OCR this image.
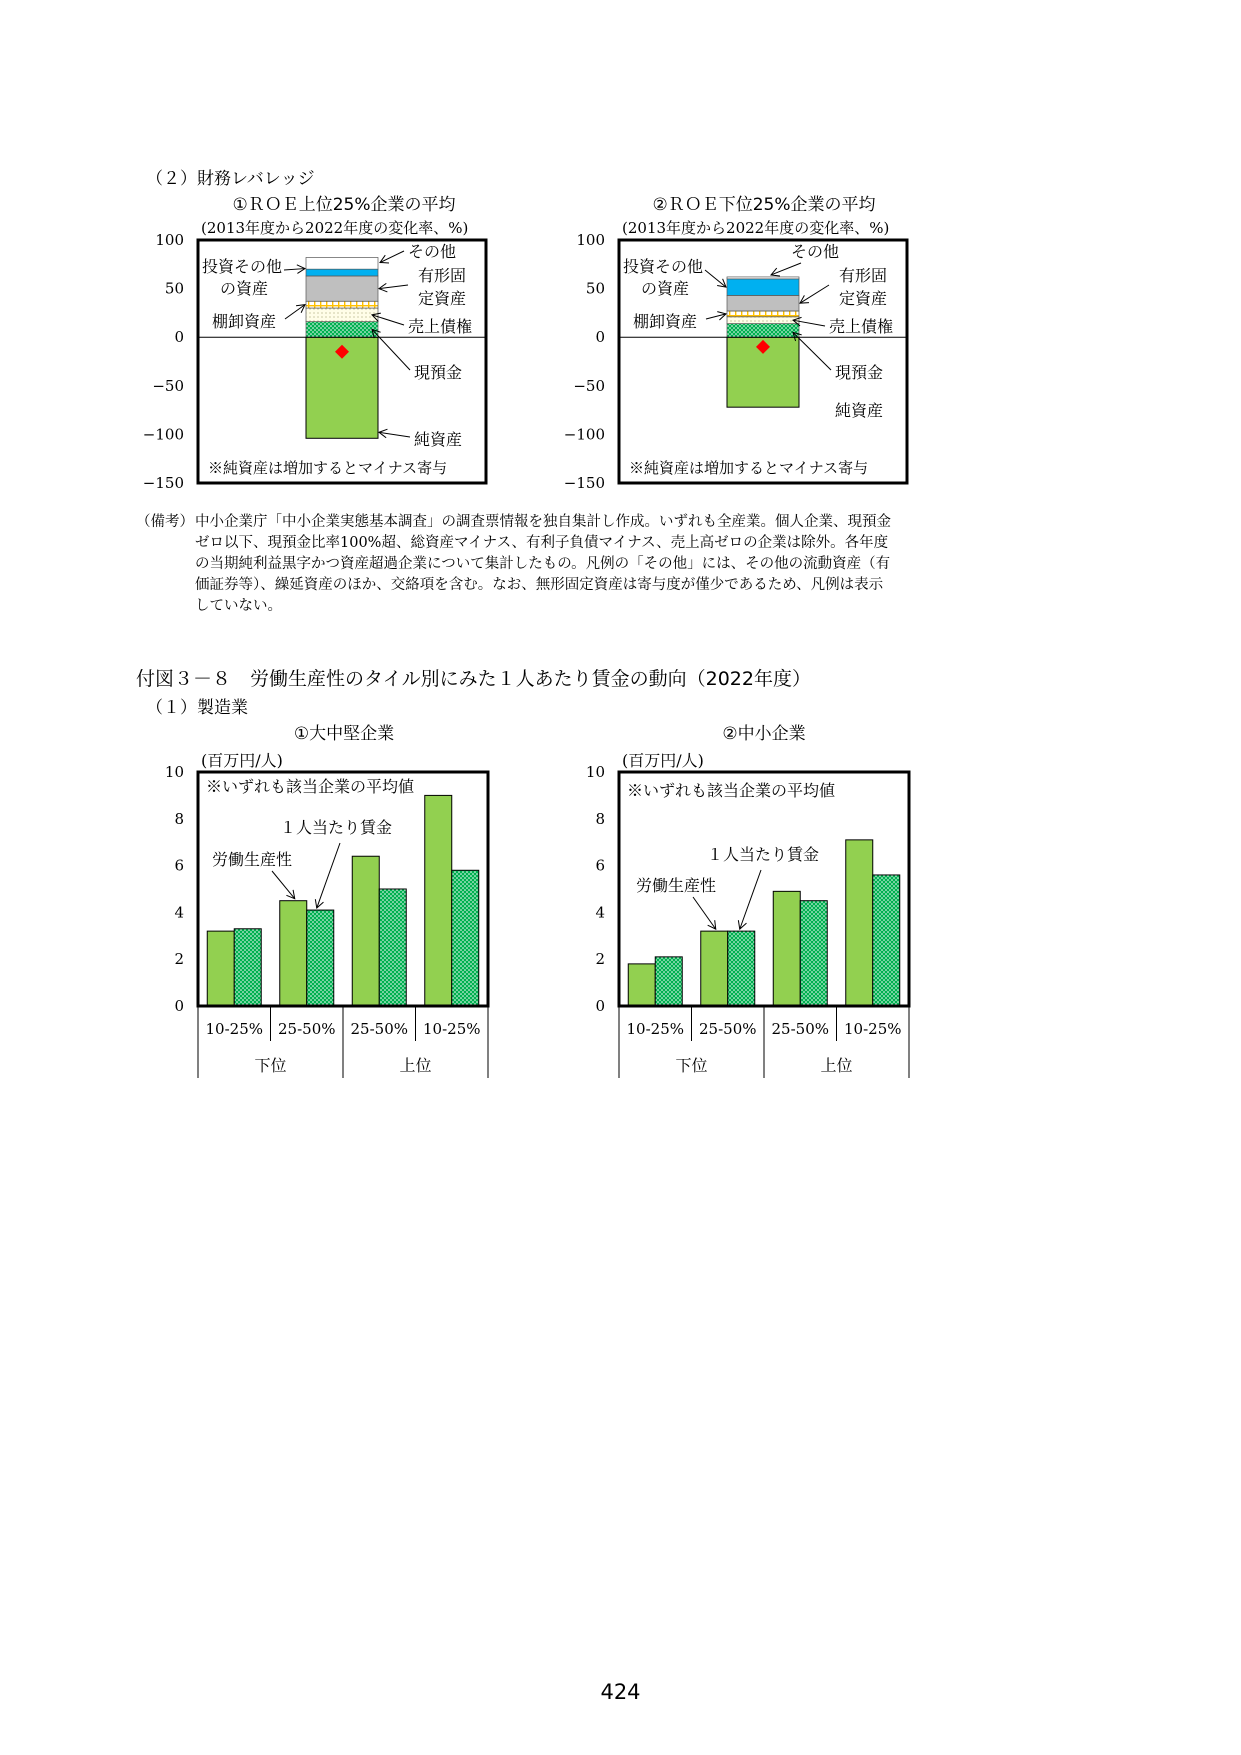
（２）財務レバレッジ
①ＲＯＥ上位25%企業の平均	②ＲＯＥ下位25%企業の平均
(2013年度から2022年度の変化率、%)
100
50
0
−50
−100
−150
その他
投資その他
の資産
有形固
定資産
棚卸資産	売上債権
現預金
純資産
※純資産は増加するとマイナス寄与
(2013年度から2022年度の変化率、%)
100
50
0
−50
−100
−150
その他
投資その他
の資産
有形固
定資産
棚卸資産	売上債権
現預金
純資産
※純資産は増加するとマイナス寄与
（備考） 中小企業庁「中小企業実態基本調査」の調査票情報を独自集計し作成。いずれも全産業。個人企業、現預金
ゼロ以下、現預金比率100%超、総資産マイナス、有利子負債マイナス、売上高ゼロの企業は除外。各年度
の当期純利益黒字かつ資産超過企業について集計したもの。凡例の「その他」には、その他の流動資産（有
価証券等）、繰延資産のほか、交絡項を含む。なお、無形固定資産は寄与度が僅少であるため、凡例は表示
していない。
付図３－８　労働生産性のタイル別にみた１人あたり賃金の動向（2022年度）
（１）製造業
①大中堅企業	②中小企業
(百万円/人)
10
8
6
4
2
0
10-25% 25-50% 25-50% 10-25%
下位	上位
※いずれも該当企業の平均値
１人当たり賃金
労働生産性
(百万円/人)
10
8
6
4
2
0
10-25% 25-50% 25-50% 10-25%
下位	上位
※いずれも該当企業の平均値
１人当たり賃金
労働生産性
424
